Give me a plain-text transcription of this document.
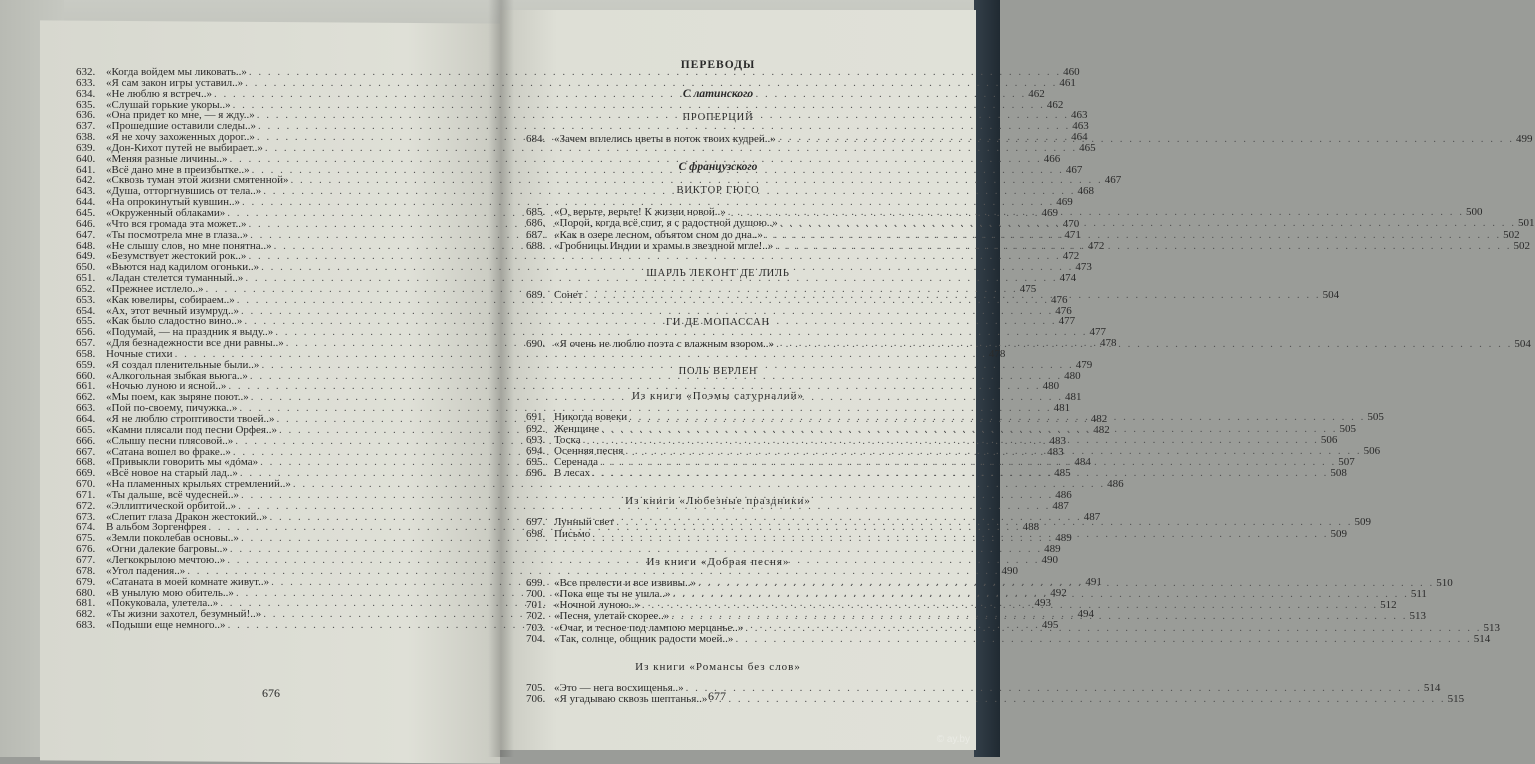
632. «Когда войдем мы ликовать..» . . .	460
633. «Я сам закон игры уставил..» . . .	461
634. «Не люблю я встреч..» . . .	462
635. «Слушай горькие укоры..» . . .	462
636. «Она придет ко мне, — я жду..» . . .	463
637. «Прошедшие оставили следы..» . . .	463
638. «Я не хочу захоженных дорог..» . . .	464
639. «Дон-Кихот путей не выбирает..» . . .	465
640. «Меняя разные личины..» . . .	466
641. «Всё дано мне в преизбытке..» . . .	467
642. «Сквозь туман этой жизни смятенной» . . .	467
643. «Душа, отторгнувшись от тела..» . . .	468
644. «На опрокинутый кувшин..» . . .	469
645. «Окруженный облаками» . . .	469
646. «Что вся громада эта может..» . . .	470
647. «Ты посмотрела мне в глаза..» . . .	471
648. «Не слышу слов, но мне понятна..» . . .	472
649. «Безумствует жестокий рок..» . . .	472
650. «Вьются над кадилом огоньки..» . . .	473
651. «Ладан стелется туманный..» . . .	474
652. «Прежнее истлело..» . . .	475
653. «Как ювелиры, собираем..» . . .	476
654. «Ах, этот вечный изумруд..» . . .	476
655. «Как было сладостно вино..» . . .	477
656. «Подумай, — на праздник я выду..» . . .	477
657. «Для безнадежности все дни равны..» . . .	478
658. Ночные стихи . . .	478
659. «Я создал пленительные были..» . . .	479
660. «Алкогольная зыбкая вьюга..» . . .	480
661. «Ночью луною и ясной..» . . .	480
662. «Мы поем, как зыряне поют..» . . .	481
663. «Пой по-своему, пичужка..» . . .	481
664. «Я не люблю строптивости твоей..» . . .	482
665. «Камни плясали под песни Орфея..» . . .	482
666. «Слышу песни плясовой..» . . .	483
667. «Сатана вошел во фраке..» . . .	483
668. «Привыкли говорить мы «дóма» . . .	484
669. «Всё новое на старый лад..» . . .	485
670. «На пламенных крыльях стремлений..» . . .	486
671. «Ты дальше, всё чудесней..» . . .	486
672. «Эллиптической орбитой..» . . .	487
673. «Слепит глаза Дракон жестокий..» . . .	487
674. В альбом Зоргенфрея . . .	488
675. «Земли поколебав основы..» . . .	489
676. «Огни далекие багровы..» . . .	489
677. «Легкокрылою мечтою..» . . .	490
678. «Угол падения..» . . .	490
679. «Сатаната в моей комнате живут..» . . .	491
680. «В унылую мою обитель..» . . .	492
681. «Покуковала, улетела..» . . .	493
682. «Ты жизни захотел, безумный!..» . . .	494
683. «Подыши еще немного..» . . .	495
676
ПЕРЕВОДЫ
С латинского
ПРОПЕРЦИЙ
684. «Зачем вплелись цветы в поток твоих кудрей..» . . .	499
С французского
ВИКТОР ГЮГО
685. «О, верьте, верьте! К жизни новой..» . . .	500
686. «Порой, когда всё спит, я с радостной душою..» . . .	501
687. «Как в озере лесном, объятом сном до дна..» . . .	502
688. «Гробницы Индии и храмы в звездной мгле!..» . . .	502
ШАРЛЬ ЛЕКОНТ ДЕ ЛИЛЬ
689. Сонет . . .	504
ГИ ДЕ МОПАССАН
690. «Я очень не люблю поэта с влажным взором..» . . .	504
ПОЛЬ ВЕРЛЕН
Из книги «Поэмы сатурналий»
691. Никогда вовеки . . .	505
692. Женщине . . .	505
693. Тоска . . .	506
694. Осенняя песня . . .	506
695. Серенада . . .	507
696. В лесах . . .	508
Из книги «Любезные праздники»
697. Лунный свет . . .	509
698. Письмо . . .	509
Из книги «Добрая песня»
699. «Все прелести и все извивы..» . . .	510
700. «Пока еще ты не ушла..» . . .	511
701. «Ночной луною..» . . .	512
702. «Песня, улетай скорее..» . . .	513
703. «Очаг, и тесное под лампою мерцанье..» . . .	513
704. «Так, солнце, общник радости моей..» . . .	514
Из книги «Романсы без слов»
705. «Это — нега восхищенья..» . . .	514
706. «Я угадываю сквозь шептанья..» . . .	515
677
© ay.by
